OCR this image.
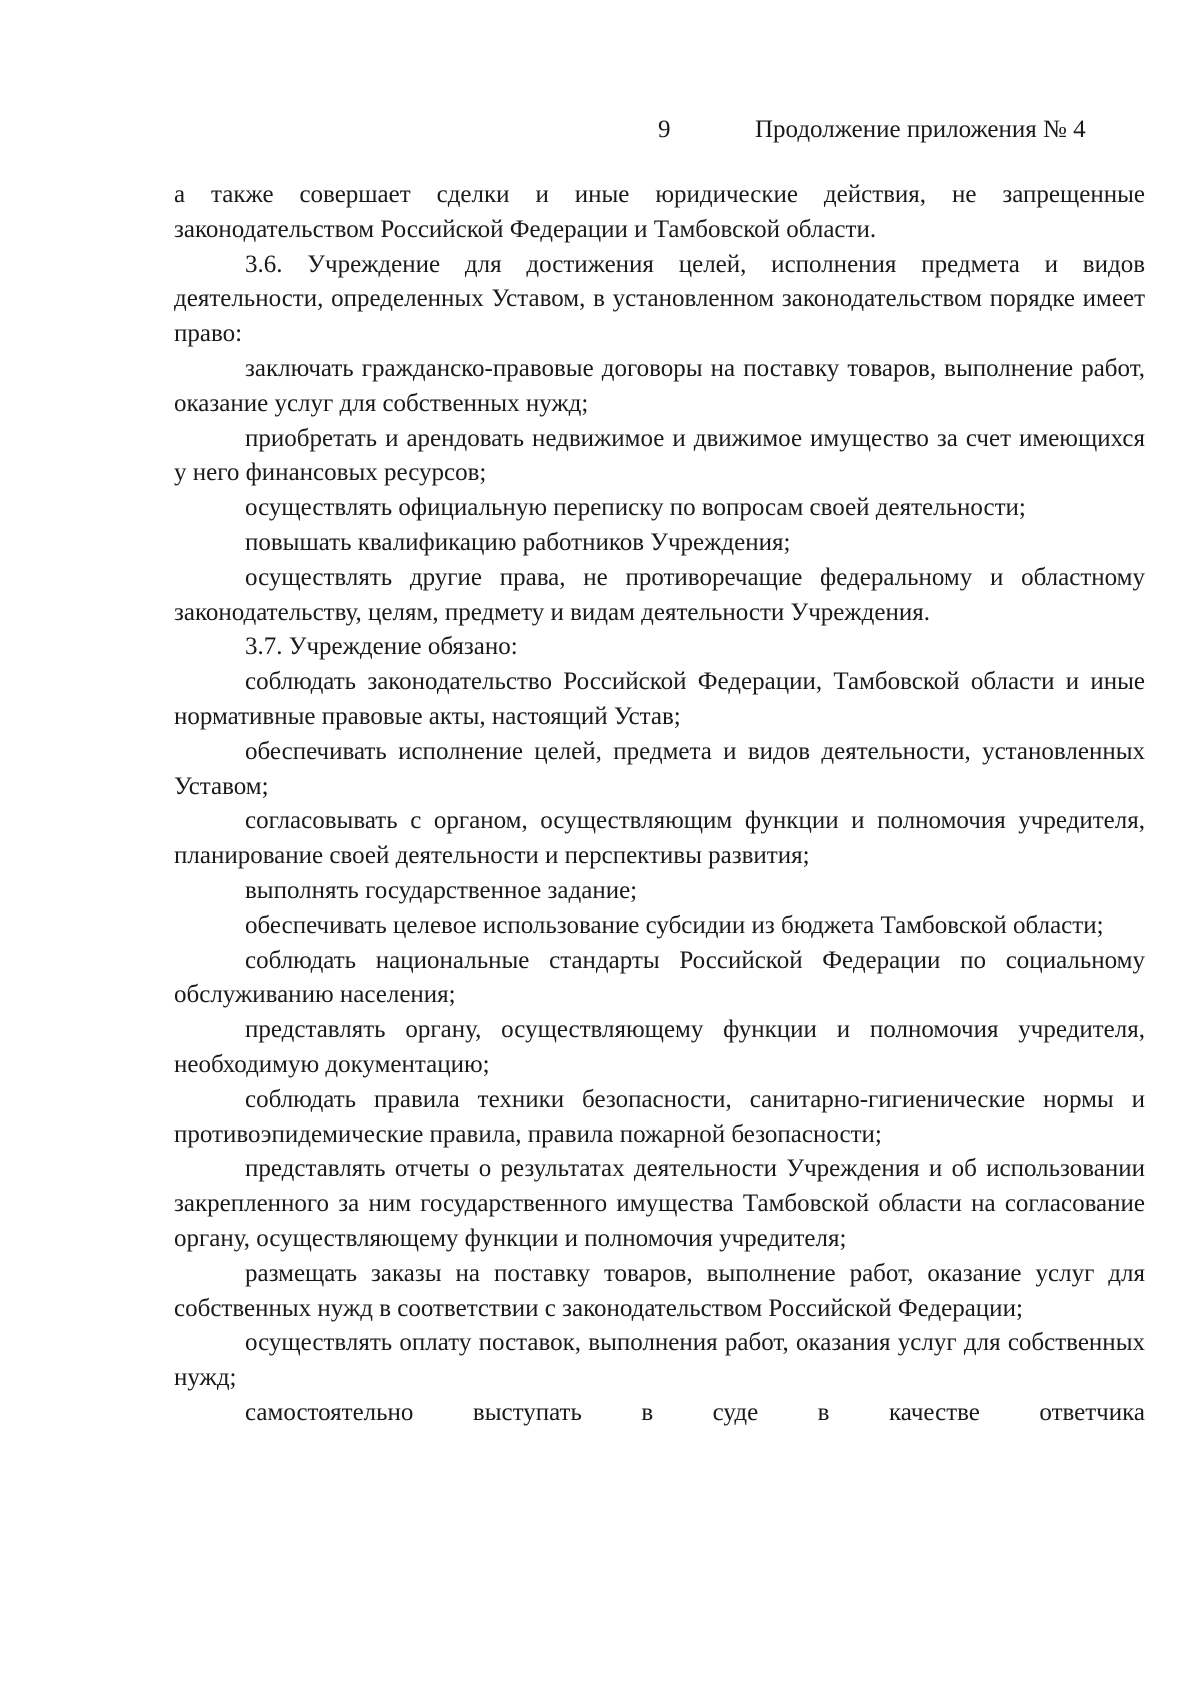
9	Продолжение приложения № 4

а также совершает сделки и иные юридические действия, не запрещенные законодательством Российской Федерации и Тамбовской области.

3.6. Учреждение для достижения целей, исполнения предмета и видов деятельности, определенных Уставом, в установленном законодательством порядке имеет право:

заключать гражданско-правовые договоры на поставку товаров, выполнение работ, оказание услуг для собственных нужд;

приобретать и арендовать недвижимое и движимое имущество за счет имеющихся у него финансовых ресурсов;

осуществлять официальную переписку по вопросам своей деятельности;

повышать квалификацию работников Учреждения;

осуществлять другие права, не противоречащие федеральному и областному законодательству, целям, предмету и видам деятельности Учреждения.

3.7. Учреждение обязано:

соблюдать законодательство Российской Федерации, Тамбовской области и иные нормативные правовые акты, настоящий Устав;

обеспечивать исполнение целей, предмета и видов деятельности, установленных Уставом;

согласовывать с органом, осуществляющим функции и полномочия учредителя, планирование своей деятельности и перспективы развития;

выполнять государственное задание;

обеспечивать целевое использование субсидии из бюджета Тамбовской области;

соблюдать национальные стандарты Российской Федерации по социальному обслуживанию населения;

представлять органу, осуществляющему функции и полномочия учредителя, необходимую документацию;

соблюдать правила техники безопасности, санитарно-гигиенические нормы и противоэпидемические правила, правила пожарной безопасности;

представлять отчеты о результатах деятельности Учреждения и об использовании закрепленного за ним государственного имущества Тамбовской области на согласование органу, осуществляющему функции и полномочия учредителя;

размещать заказы на поставку товаров, выполнение работ, оказание услуг для собственных нужд в соответствии с законодательством Российской Федерации;

осуществлять оплату поставок, выполнения работ, оказания услуг для собственных нужд;

самостоятельно выступать в суде в качестве ответчика
